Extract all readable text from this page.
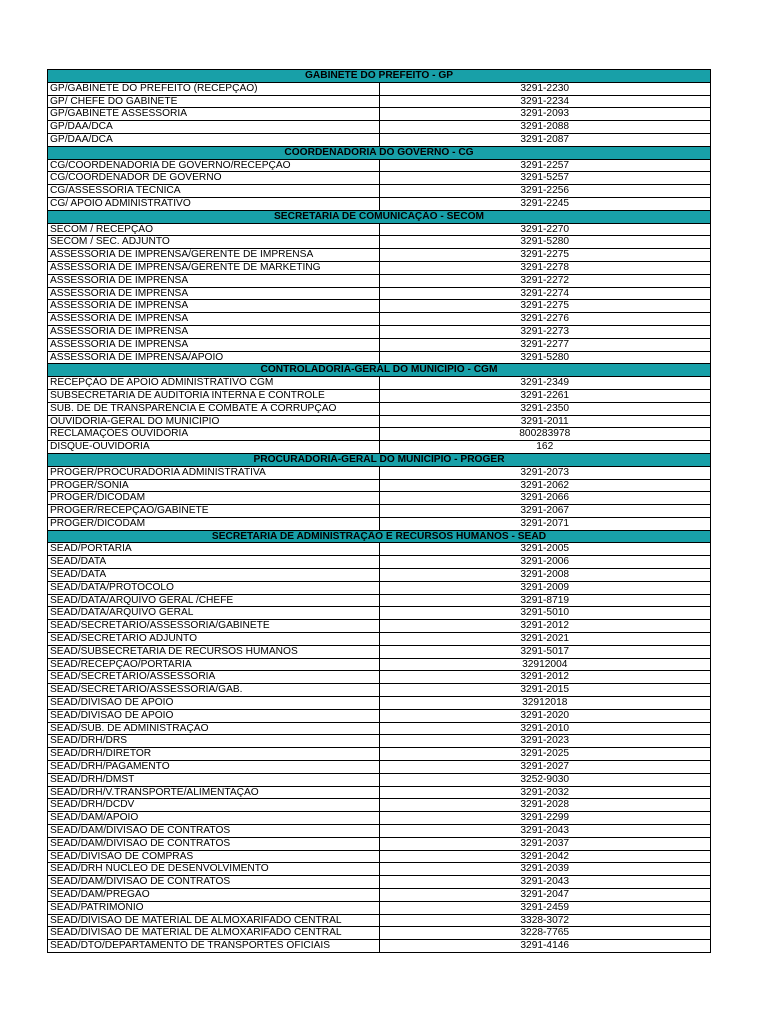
GABINETE DO PREFEITO - GP	
GP/GABINETE DO PREFEITO (RECEPÇÃO)	3291-2230
GP/ CHEFE DO GABINETE	3291-2234
GP/GABINETE ASSESSORIA	3291-2093
GP/DAA/DCA	3291-2088
GP/DAA/DCA	3291-2087
COORDENADORIA DO GOVERNO - CG	
CG/COORDENADORIA DE GOVERNO/RECEPÇÃO	3291-2257
CG/COORDENADOR DE GOVERNO	3291-5257
CG/ASSESSORIA TÉCNICA	3291-2256
CG/ APOIO ADMINISTRATIVO	3291-2245
SECRETARIA DE COMUNICAÇÃO - SECOM	
SECOM / RECEPÇÃO	3291-2270
SECOM / SEC. ADJUNTO	3291-5280
ASSESSORIA DE IMPRENSA/GERENTE DE IMPRENSA	3291-2275
ASSESSORIA DE IMPRENSA/GERENTE DE MARKETING	3291-2278
ASSESSORIA DE IMPRENSA	3291-2272
ASSESSORIA DE IMPRENSA	3291-2274
ASSESSORIA DE IMPRENSA	3291-2275
ASSESSORIA DE IMPRENSA	3291-2276
ASSESSORIA DE IMPRENSA	3291-2273
ASSESSORIA DE IMPRENSA	3291-2277
ASSESSORIA DE IMPRENSA/APOIO	3291-5280
CONTROLADORIA-GERAL DO MUNICÍPIO - CGM	
RECEPÇÃO DE APOIO ADMINISTRATIVO CGM	3291-2349
SUBSECRETARIA DE AUDITORIA INTERNA E CONTROLE	3291-2261
SUB. DE DE TRANSPARÊNCIA E COMBATE À CORRUPÇÃO	3291-2350
OUVIDORIA-GERAL DO MUNICÍPIO	3291-2011
RECLAMAÇÕES OUVIDORIA	800283978
DISQUE-OUVIDORIA	162
PROCURADORIA-GERAL DO MUNICÍPIO - PROGER	
PROGER/PROCURADORIA ADMINISTRATIVA	3291-2073
PROGER/SONIA	3291-2062
PROGER/DICODAM	3291-2066
PROGER/RECEPÇÃO/GABINETE	3291-2067
PROGER/DICODAM	3291-2071
SECRETARIA DE ADMINISTRAÇÃO E RECURSOS HUMANOS - SEAD	
SEAD/PORTARIA	3291-2005
SEAD/DATA	3291-2006
SEAD/DATA	3291-2008
SEAD/DATA/PROTOCOLO	3291-2009
SEAD/DATA/ARQUIVO GERAL /CHEFE	3291-8719
SEAD/DATA/ARQUIVO GERAL	3291-5010
SEAD/SECRETÁRIO/ASSESSORIA/GABINETE	3291-2012
SEAD/SECRETÁRIO ADJUNTO	3291-2021
SEAD/SUBSECRETARIA DE RECURSOS HUMANOS	3291-5017
SEAD/RECEPÇÃO/PORTARIA	32912004
SEAD/SECRETÁRIO/ASSESSORIA	3291-2012
SEAD/SECRETÁRIO/ASSESSORIA/GAB.	3291-2015
SEAD/DIVISÃO DE APOIO	32912018
SEAD/DIVISÃO DE APOIO	3291-2020
SEAD/SUB. DE ADMINISTRAÇÃO	3291-2010
SEAD/DRH/DRS	3291-2023
SEAD/DRH/DIRETOR	3291-2025
SEAD/DRH/PAGAMENTO	3291-2027
SEAD/DRH/DMST	3252-9030
SEAD/DRH/V.TRANSPORTE/ALIMENTAÇÃO	3291-2032
SEAD/DRH/DCDV	3291-2028
SEAD/DAM/APOIO	3291-2299
SEAD/DAM/DIVISÃO DE CONTRATOS	3291-2043
SEAD/DAM/DIVISÃO DE CONTRATOS	3291-2037
SEAD/DIVISÃO DE COMPRAS	3291-2042
SEAD/DRH NÚCLEO DE DESENVOLVIMENTO	3291-2039
SEAD/DAM/DIVISÃO DE CONTRATOS	3291-2043
SEAD/DAM/PREGÃO	3291-2047
SEAD/PATRIMÔNIO	3291-2459
SEAD/DIVISÃO DE MATERIAL DE ALMOXARIFADO CENTRAL	3328-3072
SEAD/DIVISÃO DE MATERIAL DE ALMOXARIFADO CENTRAL	3228-7765
SEAD/DTO/DEPARTAMENTO DE TRANSPORTES OFICIAIS	3291-4146
